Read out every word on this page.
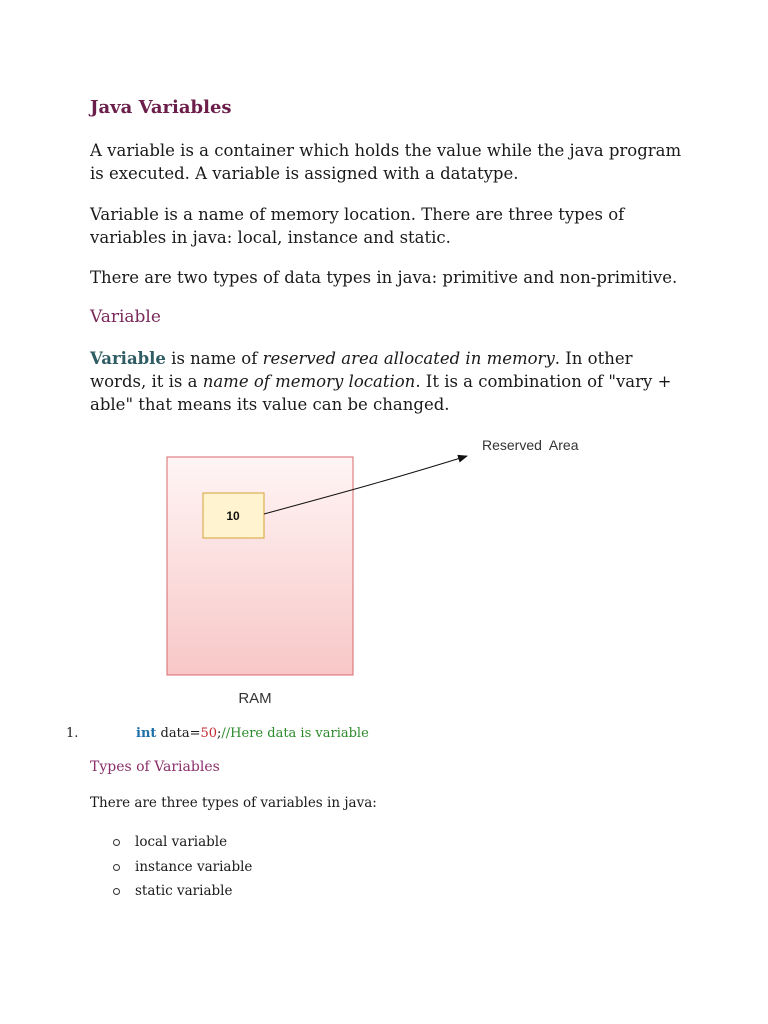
Java Variables
A variable is a container which holds the value while the java program is executed. A variable is assigned with a datatype.
Variable is a name of memory location. There are three types of variables in java: local, instance and static.
There are two types of data types in java: primitive and non-primitive.
Variable
Variable is name of reserved area allocated in memory. In other words, it is a name of memory location. It is a combination of "vary + able" that means its value can be changed.
10
Reserved  Area
RAM
1.	int data=50;//Here data is variable
Types of Variables
There are three types of variables in java:
local variable
instance variable
static variable
